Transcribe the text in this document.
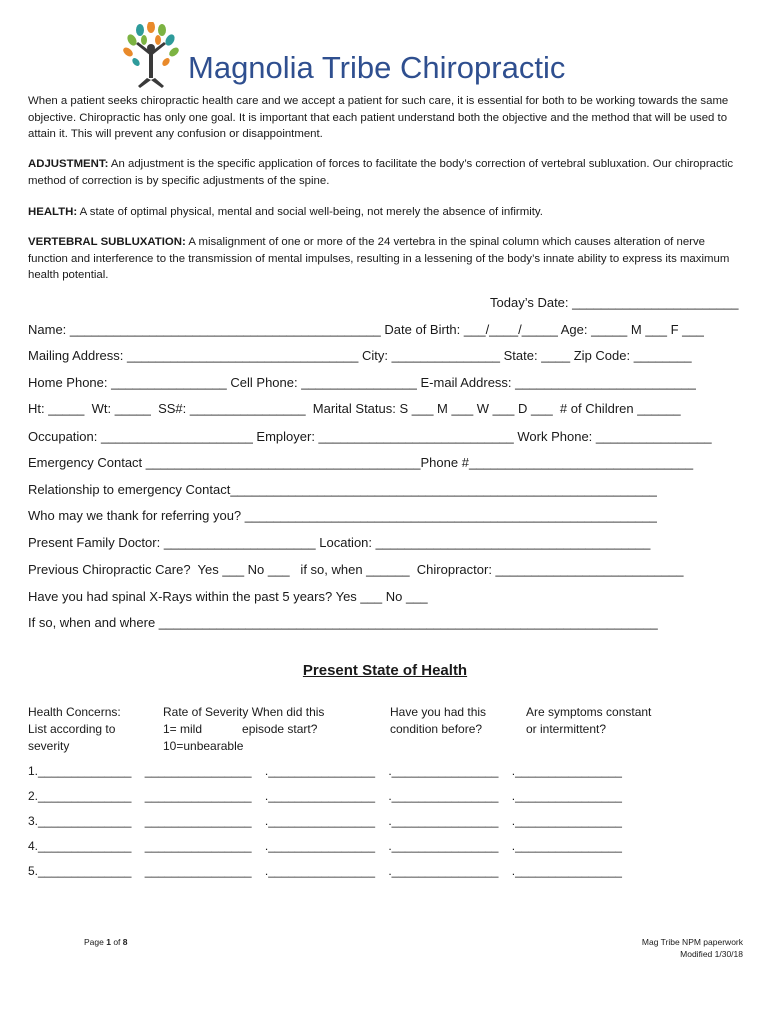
Magnolia Tribe Chiropractic
When a patient seeks chiropractic health care and we accept a patient for such care, it is essential for both to be working towards the same objective. Chiropractic has only one goal. It is important that each patient understand both the objective and the method that will be used to attain it. This will prevent any confusion or disappointment.
ADJUSTMENT: An adjustment is the specific application of forces to facilitate the body’s correction of vertebral subluxation. Our chiropractic method of correction is by specific adjustments of the spine.
HEALTH: A state of optimal physical, mental and social well-being, not merely the absence of infirmity.
VERTEBRAL SUBLUXATION: A misalignment of one or more of the 24 vertebra in the spinal column which causes alteration of nerve function and interference to the transmission of mental impulses, resulting in a lessening of the body’s innate ability to express its maximum health potential.
Today’s Date: _______________________
Name: ___________________________________________ Date of Birth: ___/____/_____ Age: _____ M ___ F ___
Mailing Address: ________________________________ City: _______________ State: ____ Zip Code: ________
Home Phone: ________________ Cell Phone: ________________ E-mail Address: _________________________
Ht: _____  Wt: _____  SS#: ________________  Marital Status: S ___ M ___ W ___ D ___  # of Children ______
Occupation: _____________________ Employer: ___________________________ Work Phone: ________________
Emergency Contact ______________________________________Phone #_______________________________
Relationship to emergency Contact___________________________________________________________
Who may we thank for referring you? _________________________________________________________
Present Family Doctor: _____________________ Location: ______________________________________
Previous Chiropractic Care?  Yes ___ No ___   if so, when ______  Chiropractor: __________________________
Have you had spinal X-Rays within the past 5 years? Yes ___ No ___
If so, when and where _____________________________________________________________________
Present State of Health
Health Concerns:
List according to
severity
Rate of Severity When did this
1= mild            episode start?
10=unbearable
Have you had this
condition before?
Are symptoms constant
or intermittent?
1.______________    ________________    .________________    .________________    .________________
2.______________    ________________    .________________    .________________    .________________
3.______________    ________________    .________________    .________________    .________________
4.______________    ________________    .________________    .________________    .________________
5.______________    ________________    .________________    .________________    .________________
Page 1 of 8	Mag Tribe NPM paperwork
Modified 1/30/18
